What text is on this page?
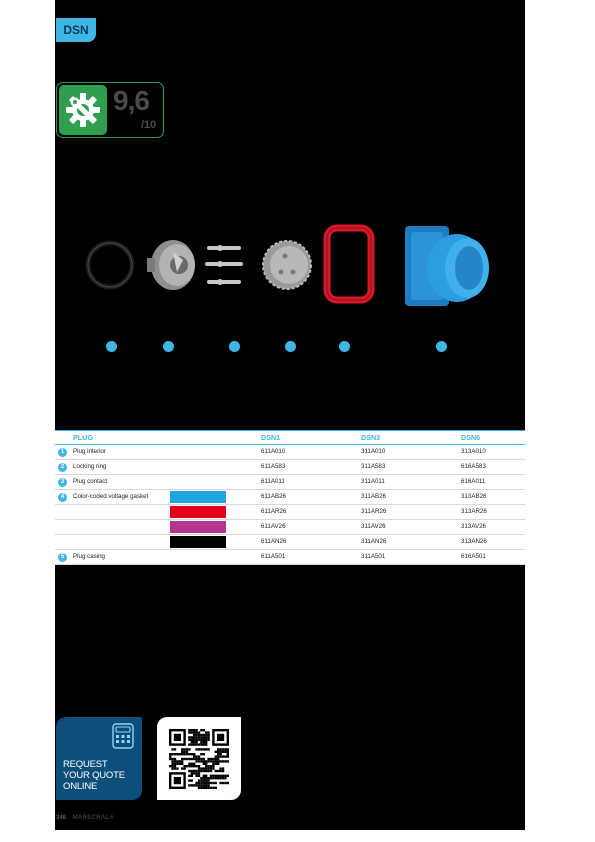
DSN
9,6
/10
PLUG	DSN1	DSN3	DSN6
1	Plug interior	611A010	311A010	313A010
2	Locking ring	611A583	311A583	616A583
3	Plug contact	611A011	311A011	616A011
4	Color-coded voltage gasket	611AB26	311AB26	313AB26
611AR26	311AR26	313AR26
611AV26	311AV26	313AV26
611AN26	311AN26	313AN26
5	Plug casing	611A501	311A501	616A501
REQUEST
YOUR QUOTE
ONLINE
348 MARECHAL®
